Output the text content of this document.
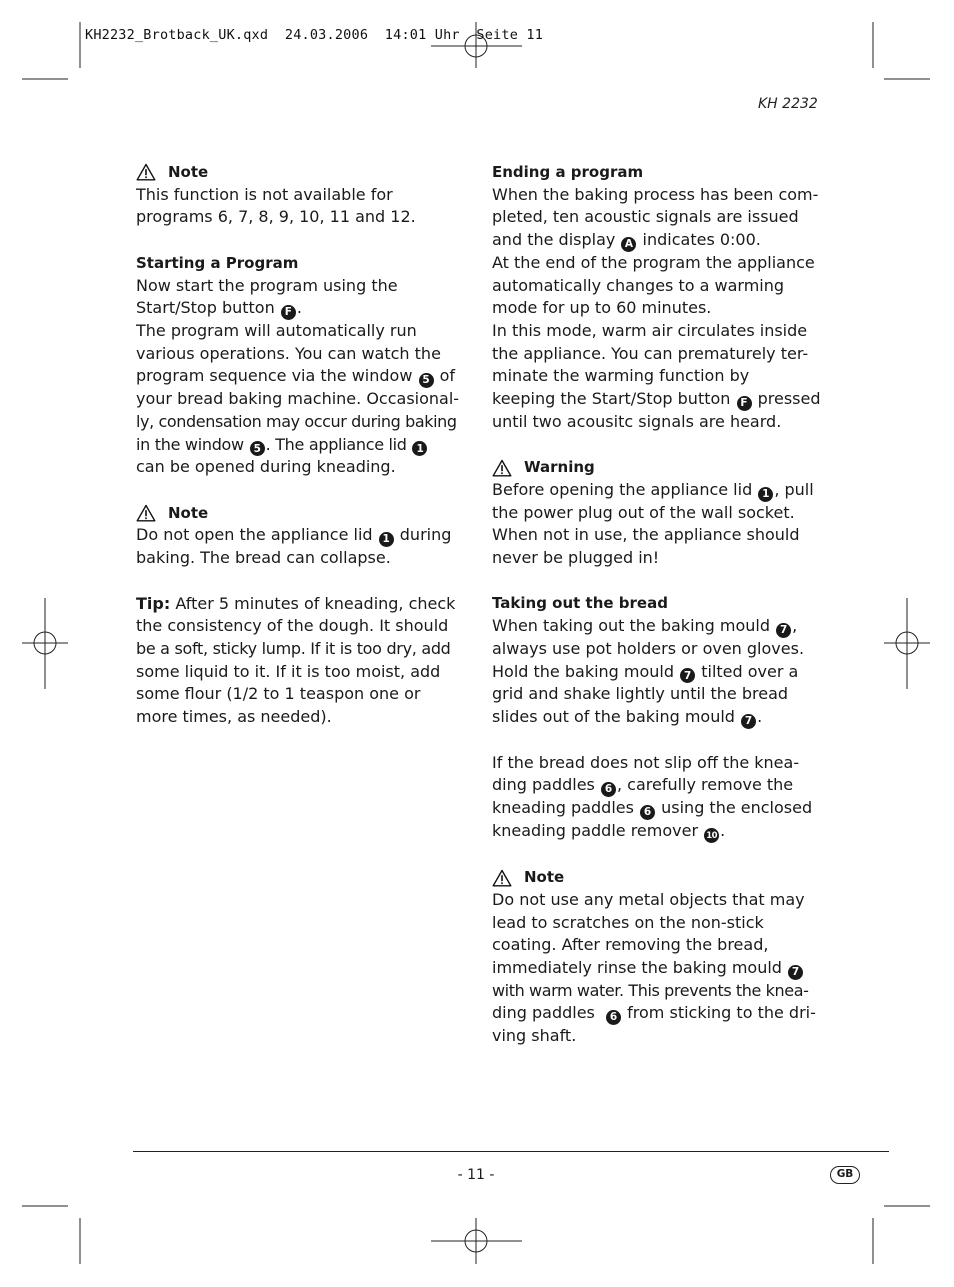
KH2232_Brotback_UK.qxd  24.03.2006  14:01 Uhr  Seite 11
KH 2232
Note

This function is not available for

programs 6, 7, 8, 9, 10, 11 and 12.

Starting a Program

Now start the program using the

Start/Stop button F .

The program will automatically run

various operations. You can watch the

program sequence via the window 5 of

your bread baking machine. Occasional-

ly, condensation may occur during baking

in the window 5 . The appliance lid 1

can be opened during kneading.

Note

Do not open the appliance lid 1 during

baking. The bread can collapse.

Tip: After 5 minutes of kneading, check

the consistency of the dough. It should

be a soft, sticky lump. If it is too dry, add

some liquid to it. If it is too moist, add

some flour (1/2 to 1 teaspon one or

more times, as needed).

Ending a program

When the baking process has been com-

pleted, ten acoustic signals are issued

and the display A indicates 0:00.

At the end of the program the appliance

automatically changes to a warming

mode for up to 60 minutes.

In this mode, warm air circulates inside

the appliance. You can prematurely ter-

minate the warming function by

keeping the Start/Stop button F pressed

until two acousitc signals are heard.

Warning

Before opening the appliance lid 1 , pull

the power plug out of the wall socket.

When not in use, the appliance should

never be plugged in!

Taking out the bread

When taking out the baking mould 7 ,

always use pot holders or oven gloves.

Hold the baking mould 7 tilted over a

grid and shake lightly until the bread

slides out of the baking mould 7 .

If the bread does not slip off the knea-

ding paddles 6 , carefully remove the

kneading paddles 6 using the enclosed

kneading paddle remover 10 .

Note

Do not use any metal objects that may

lead to scratches on the non-stick

coating. After removing the bread,

immediately rinse the baking mould 7

with warm water. This prevents the knea-

ding paddles 6 from sticking to the dri-

ving shaft.

- 11 -	GB
